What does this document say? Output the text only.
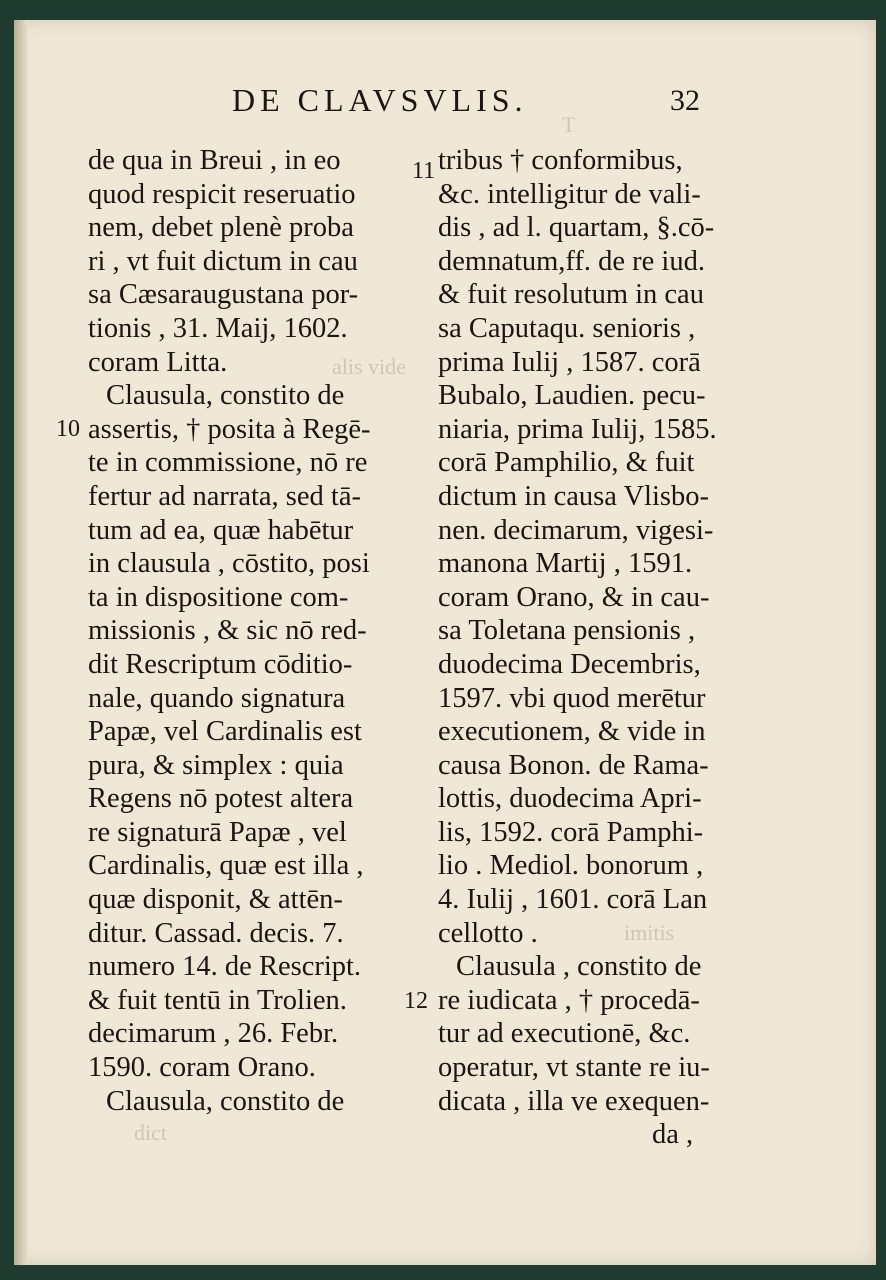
DE CLAVSVLIS.	32
alis vide
T
imitis
dict
10
11
12
de qua in Breui , in eo
quod respicit reseruatio
nem, debet plenè proba
ri , vt fuit dictum in cau
sa Cæsaraugustana por-
tionis , 31. Maij, 1602.
coram Litta.
Clausula, constito de
assertis, † posita à Regē-
te in commissione, nō re
fertur ad narrata, sed tā-
tum ad ea, quæ habētur
in clausula , cōstito, posi
ta in dispositione com-
missionis , & sic nō red-
dit Rescriptum cōditio-
nale, quando signatura
Papæ, vel Cardinalis est
pura, & simplex : quia
Regens nō potest altera
re signaturā Papæ , vel
Cardinalis, quæ est illa ,
quæ disponit, & attēn-
ditur. Cassad. decis. 7.
numero 14. de Rescript.
& fuit tentū in Trolien.
decimarum , 26. Febr.
1590. coram Orano.
Clausula, constito de
tribus † conformibus,
&c. intelligitur de vali-
dis , ad l. quartam, §.cō-
demnatum,ff. de re iud.
& fuit resolutum in cau
sa Caputaqu. senioris ,
prima Iulij , 1587. corā
Bubalo, Laudien. pecu-
niaria, prima Iulij, 1585.
corā Pamphilio, & fuit
dictum in causa Vlisbo-
nen. decimarum, vigesi-
manona Martij , 1591.
coram Orano, & in cau-
sa Toletana pensionis ,
duodecima Decembris,
1597. vbi quod merētur
executionem, & vide in
causa Bonon. de Rama-
lottis, duodecima Apri-
lis, 1592. corā Pamphi-
lio . Mediol. bonorum ,
4. Iulij , 1601. corā Lan
cellotto .
Clausula , constito de
re iudicata , † procedā-
tur ad executionē, &c.
operatur, vt stante re iu-
dicata , illa ve exequen-
da ,
